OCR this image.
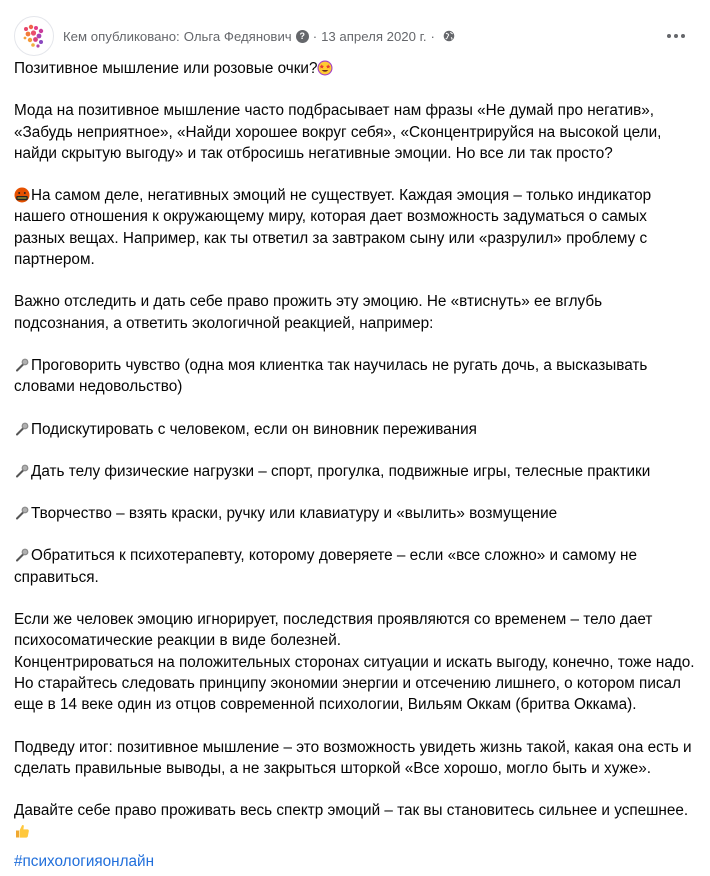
Кем опубликовано: Ольга Федянович ? · 13 апреля 2020 г. ·

Позитивное мышление или розовые очки?

Мода на позитивное мышление часто подбрасывает нам фразы «Не думай про негатив», «Забудь неприятное», «Найди хорошее вокруг себя», «Сконцентрируйся на высокой цели, найди скрытую выгоду» и так отбросишь негативные эмоции. Но все ли так просто?

На самом деле, негативных эмоций не существует. Каждая эмоция – только индикатор нашего отношения к окружающему миру, которая дает возможность задуматься о самых разных вещах. Например, как ты ответил за завтраком сыну или «разрулил» проблему с партнером.

Важно отследить и дать себе право прожить эту эмоцию. Не «втиснуть» ее вглубь подсознания, а ответить экологичной реакцией, например:

Проговорить чувство (одна моя клиентка так научилась не ругать дочь, а высказывать словами недовольство)

Подискутировать с человеком, если он виновник переживания

Дать телу физические нагрузки – спорт, прогулка, подвижные игры, телесные практики

Творчество – взять краски, ручку или клавиатуру и «вылить» возмущение

Обратиться к психотерапевту, которому доверяете – если «все сложно» и самому не справиться.

Если же человек эмоцию игнорирует, последствия проявляются со временем – тело дает психосоматические реакции в виде болезней.

Концентрироваться на положительных сторонах ситуации и искать выгоду, конечно, тоже надо. Но старайтесь следовать принципу экономии энергии и отсечению лишнего, о котором писал еще в 14 веке один из отцов современной психологии, Вильям Оккам (бритва Оккама).

Подведу итог: позитивное мышление – это возможность увидеть жизнь такой, какая она есть и сделать правильные выводы, а не закрыться шторкой «Все хорошо, могло быть и хуже».

Давайте себе право проживать весь спектр эмоций – так вы становитесь сильнее и успешнее.

#психологияонлайн
